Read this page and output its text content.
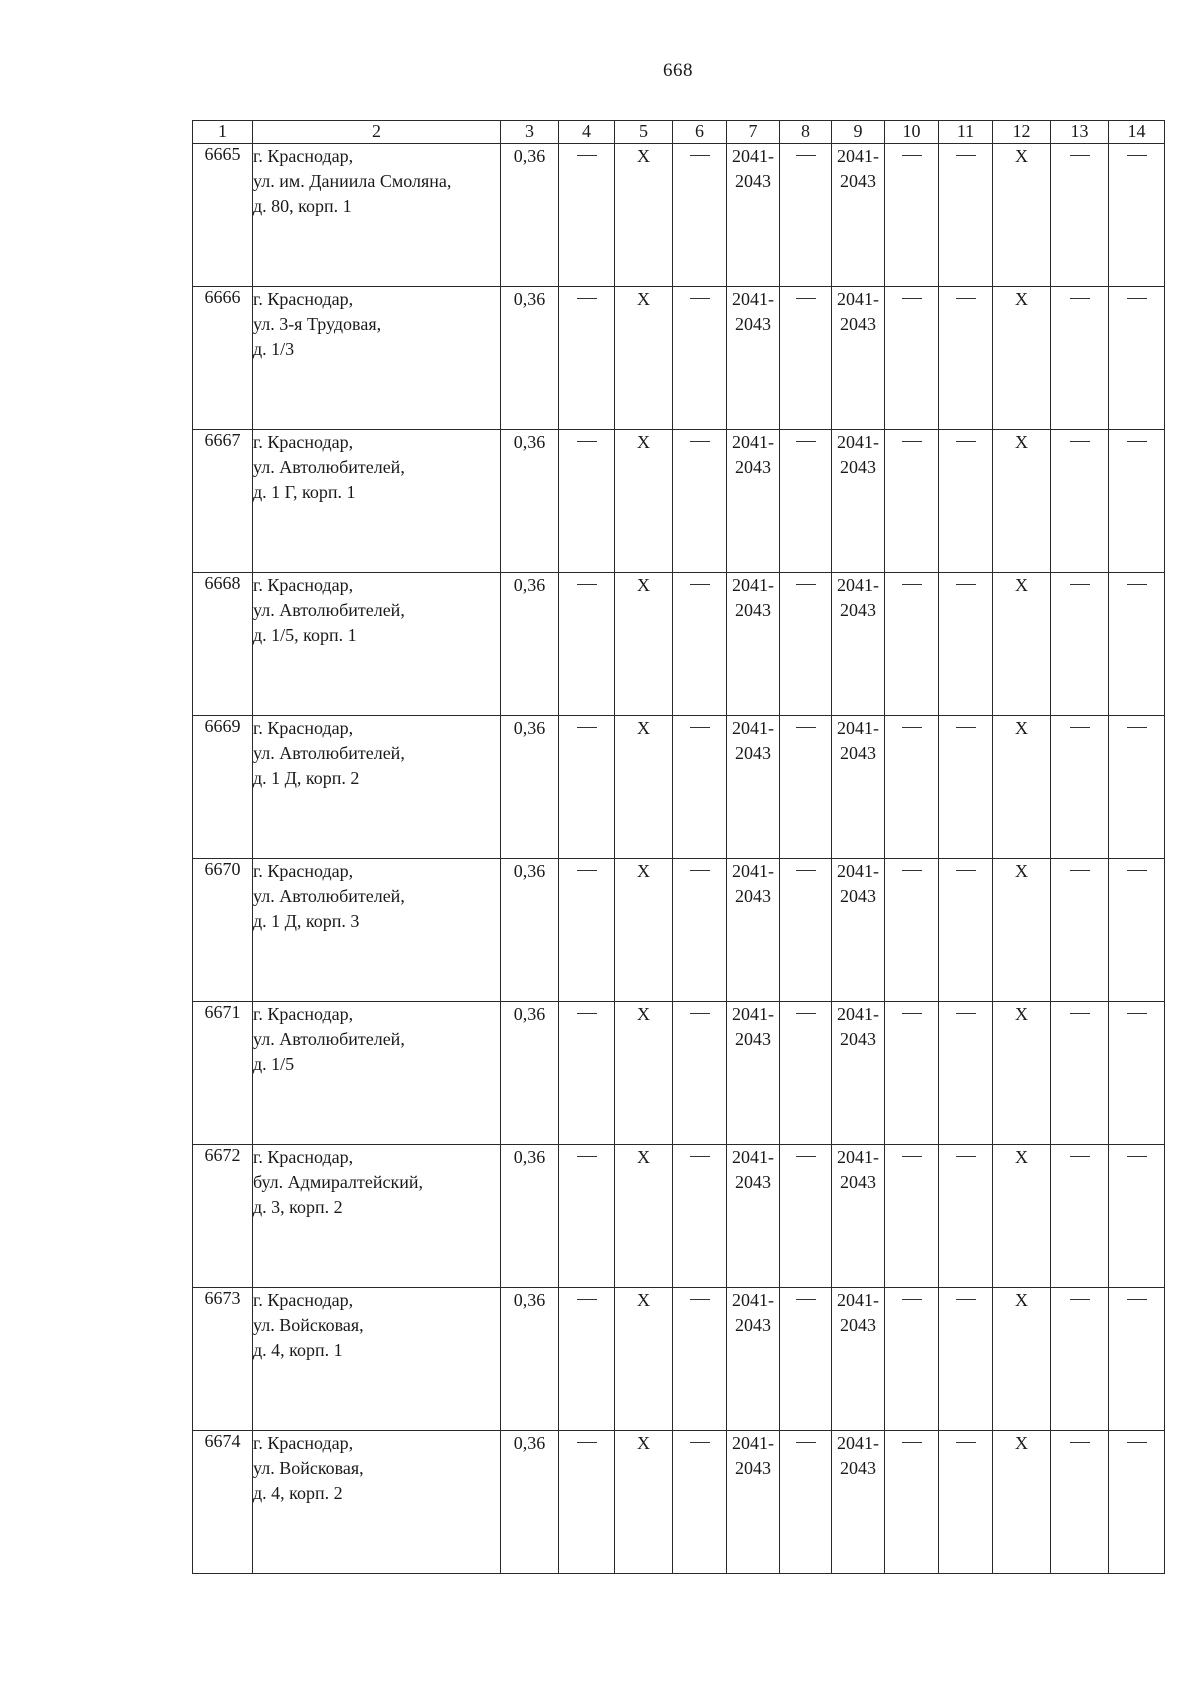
668
1	2	3	4	5	6	7	8	9	10	11	12	13	14
6665	г. Краснодар,
ул. им. Даниила Смоляна,
д. 80, корп. 1	0,36		X		2041-
2043		2041-
2043			X		
6666	г. Краснодар,
ул. 3-я Трудовая,
д. 1/3	0,36		X		2041-
2043		2041-
2043			X		
6667	г. Краснодар,
ул. Автолюбителей,
д. 1 Г, корп. 1	0,36		X		2041-
2043		2041-
2043			X		
6668	г. Краснодар,
ул. Автолюбителей,
д. 1/5, корп. 1	0,36		X		2041-
2043		2041-
2043			X		
6669	г. Краснодар,
ул. Автолюбителей,
д. 1 Д, корп. 2	0,36		X		2041-
2043		2041-
2043			X		
6670	г. Краснодар,
ул. Автолюбителей,
д. 1 Д, корп. 3	0,36		X		2041-
2043		2041-
2043			X		
6671	г. Краснодар,
ул. Автолюбителей,
д. 1/5	0,36		X		2041-
2043		2041-
2043			X		
6672	г. Краснодар,
бул. Адмиралтейский,
д. 3, корп. 2	0,36		X		2041-
2043		2041-
2043			X		
6673	г. Краснодар,
ул. Войсковая,
д. 4, корп. 1	0,36		X		2041-
2043		2041-
2043			X		
6674	г. Краснодар,
ул. Войсковая,
д. 4, корп. 2	0,36		X		2041-
2043		2041-
2043			X		
